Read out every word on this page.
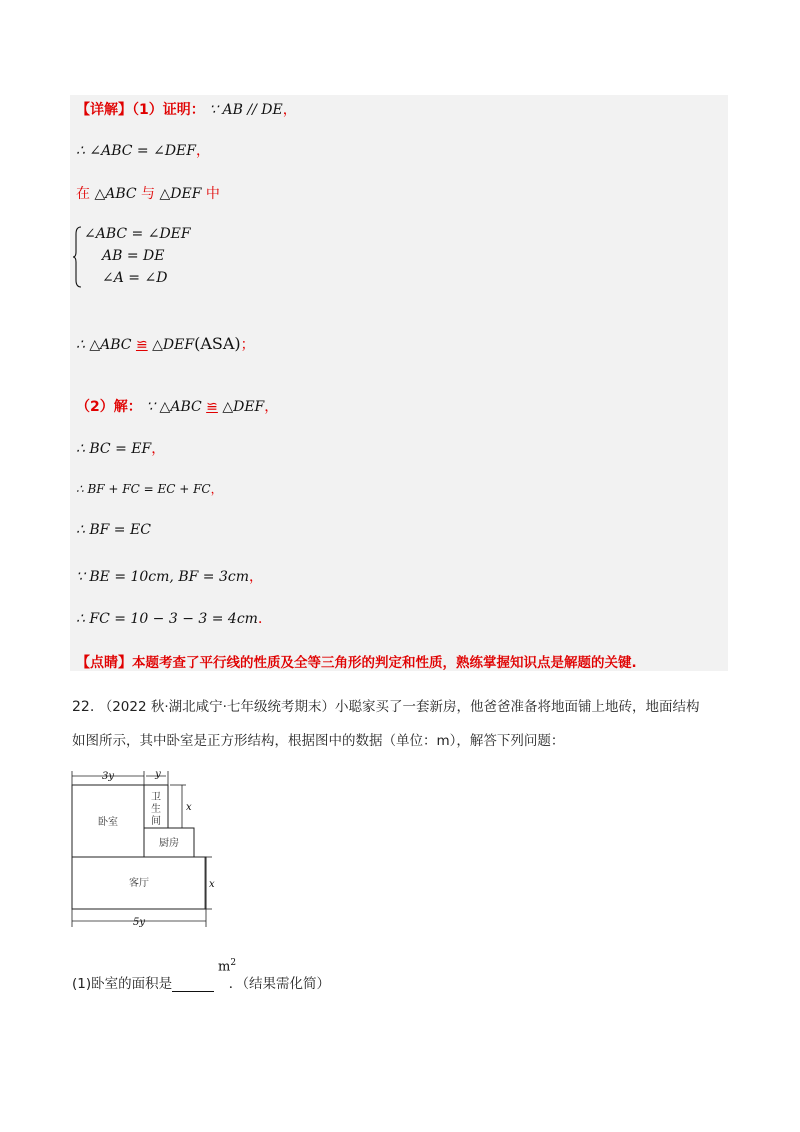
【详解】（1）证明： ∵ AB // DE，
∴ ∠ABC = ∠DEF，
在 △ABC 与 △DEF 中
∠ABC = ∠DEF
AB = DE
∠A = ∠D
∴ △ABC ≌ △DEF(ASA)；
（2）解： ∵ △ABC ≌ △DEF，
∴ BC = EF，
∴ BF + FC = EC + FC，
∴ BF = EC
∵ BE = 10cm, BF = 3cm，
∴ FC = 10 − 3 − 3 = 4cm．
【点睛】本题考查了平行线的性质及全等三角形的判定和性质，熟练掌握知识点是解题的关键.
22. （2022 秋·湖北咸宁·七年级统考期末）小聪家买了一套新房，他爸爸准备将地面铺上地砖，地面结构
如图所示，其中卧室是正方形结构，根据图中的数据（单位：m），解答下列问题：
3y	y
x
x
5y
卧室
卫
生
间
厨房
客厅
(1)卧室的面积是	．（结果需化简）
$m^2$
